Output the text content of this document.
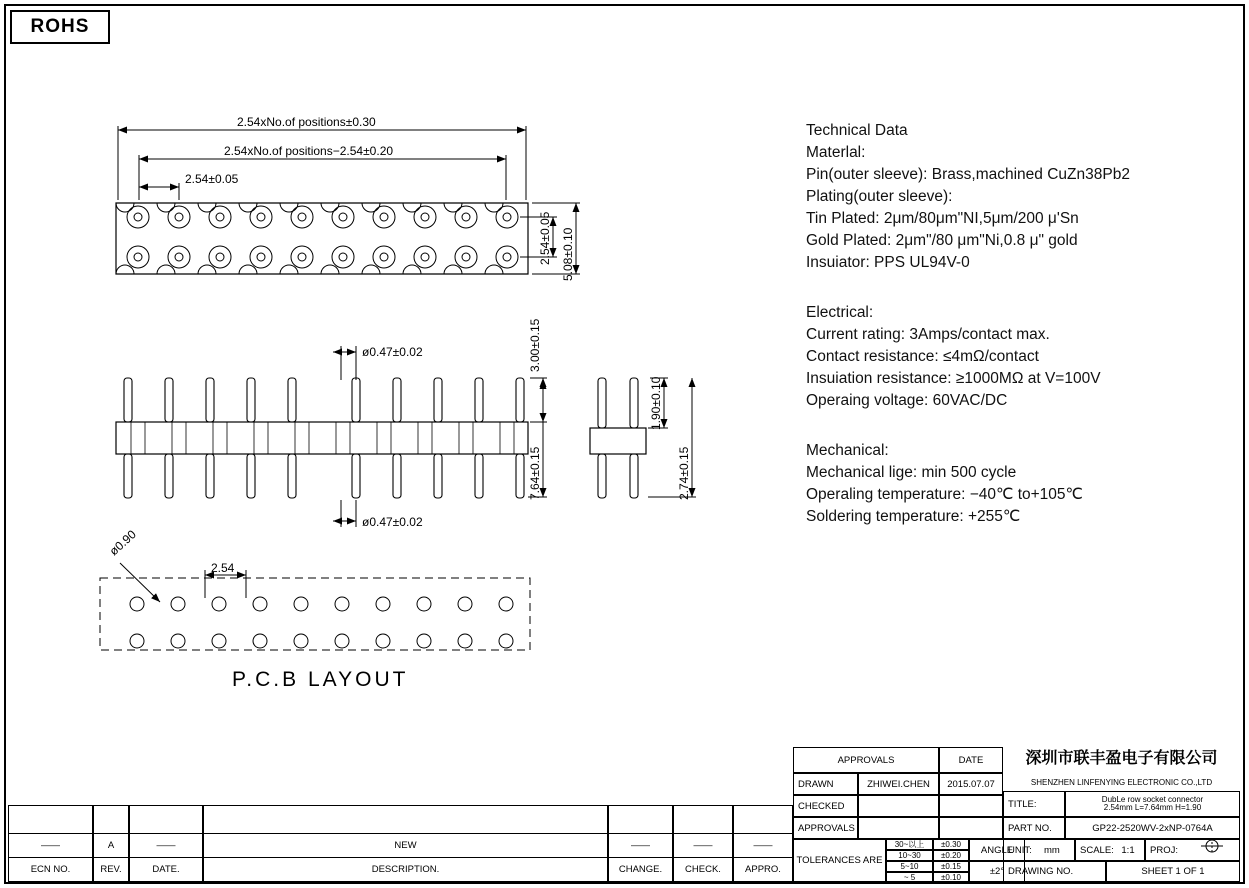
ROHS
2.54xNo.of positions±0.30
2.54xNo.of positions−2.54±0.20
2.54±0.05
2.54±0.05 5.08±0.10
ø0.47±0.02
ø0.47±0.02
3.00±0.15
7.64±0.15
1.90±0.10
2.74±0.15
ø0.90
2.54
Technical Data
Materlal:
Pin(outer sleeve): Brass,machined CuZn38Pb2
Plating(outer sleeve):
Tin Plated: 2μm/80μm"NI,5μm/200 μ'Sn
Gold Plated: 2μm"/80 μm"Ni,0.8 μ" gold
Insuiator: PPS UL94V-0
Electrical:
Current rating: 3Amps/contact max.
Contact resistance: ≤4mΩ/contact
Insuiation resistance: ≥1000MΩ at V=100V
Operaing voltage: 60VAC/DC
Mechanical:
Mechanical lige: min 500 cycle
Operaling temperature: −40℃ to+105℃
Soldering temperature: +255℃
P.C.B LAYOUT
APPROVALS	DATE
DRAWN	ZHIWEI.CHEN	2015.07.07
CHECKED
APPROVALS
TOLERANCES ARE
30~以上	±0.30
10~30	±0.20
5~10	±0.15
~ 5	±0.10
ANGLE
±2°
深圳市联丰盈电子有限公司
SHENZHEN LINFENYING ELECTRONIC CO.,LTD
TITLE:	DubLe row socket connector
2.54mm L=7.64mm H=1.90
PART NO.	GP22-2520WV-2xNP-0764A
UNIT:	mm	SCALE: 1:1	PROJ:
DRAWING NO.	SHEET 1 OF 1
——	A	——	NEW	——	——	——
ECN NO.	REV.	DATE.	DESCRIPTION.	CHANGE.	CHECK.	APPRO.
